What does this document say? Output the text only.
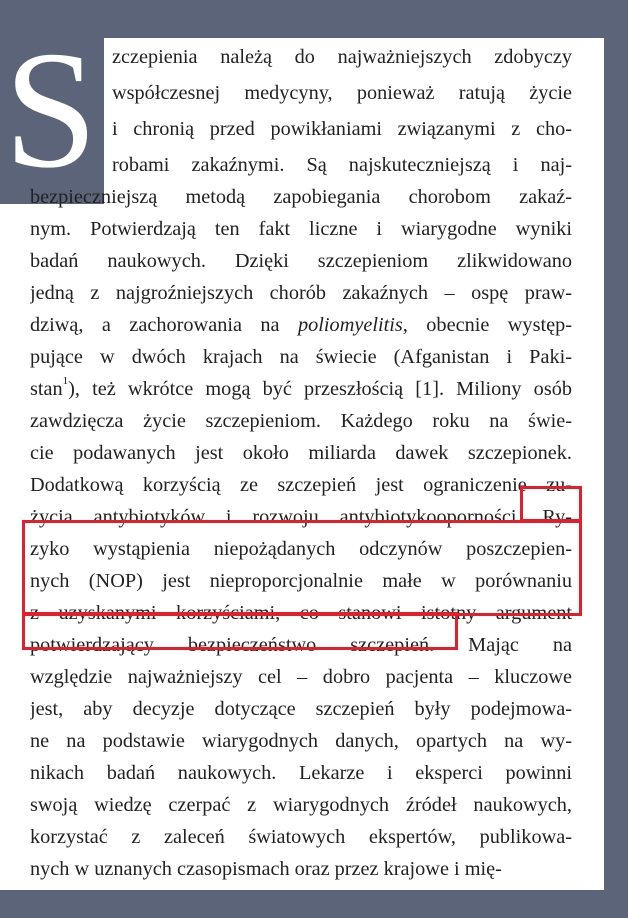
S zczepienia należą do najważniejszych zdobyczy
współczesnej medycyny, ponieważ ratują życie
i chronią przed powikłaniami związanymi z cho-
robami zakaźnymi. Są najskuteczniejszą i naj-
bezpieczniejszą metodą zapobiegania chorobom zakaź-
nym. Potwierdzają ten fakt liczne i wiarygodne wyniki
badań naukowych. Dzięki szczepieniom zlikwidowano
jedną z najgroźniejszych chorób zakaźnych – ospę praw-
dziwą, a zachorowania na poliomyelitis, obecnie występ-
pujące w dwóch krajach na świecie (Afganistan i Paki-
stan$^1$), też wkrótce mogą być przeszłością [1]. Miliony osób
zawdzięcza życie szczepieniom. Każdego roku na świe-
cie podawanych jest około miliarda dawek szczepionek.
Dodatkową korzyścią ze szczepień jest ograniczenie zu-
życia antybiotyków i rozwoju antybiotykooporności. Ry-
zyko wystąpienia niepożądanych odczynów poszczepien-
nych (NOP) jest nieproporcjonalnie małe w porównaniu
z uzyskanymi korzyściami, co stanowi istotny argument
potwierdzający bezpieczeństwo szczepień. Mając na
względzie najważniejszy cel – dobro pacjenta – kluczowe
jest, aby decyzje dotyczące szczepień były podejmowa-
ne na podstawie wiarygodnych danych, opartych na wy-
nikach badań naukowych. Lekarze i eksperci powinni
swoją wiedzę czerpać z wiarygodnych źródeł naukowych,
korzystać z zaleceń światowych ekspertów, publikowa-
nych w uznanych czasopismach oraz przez krajowe i mię-
